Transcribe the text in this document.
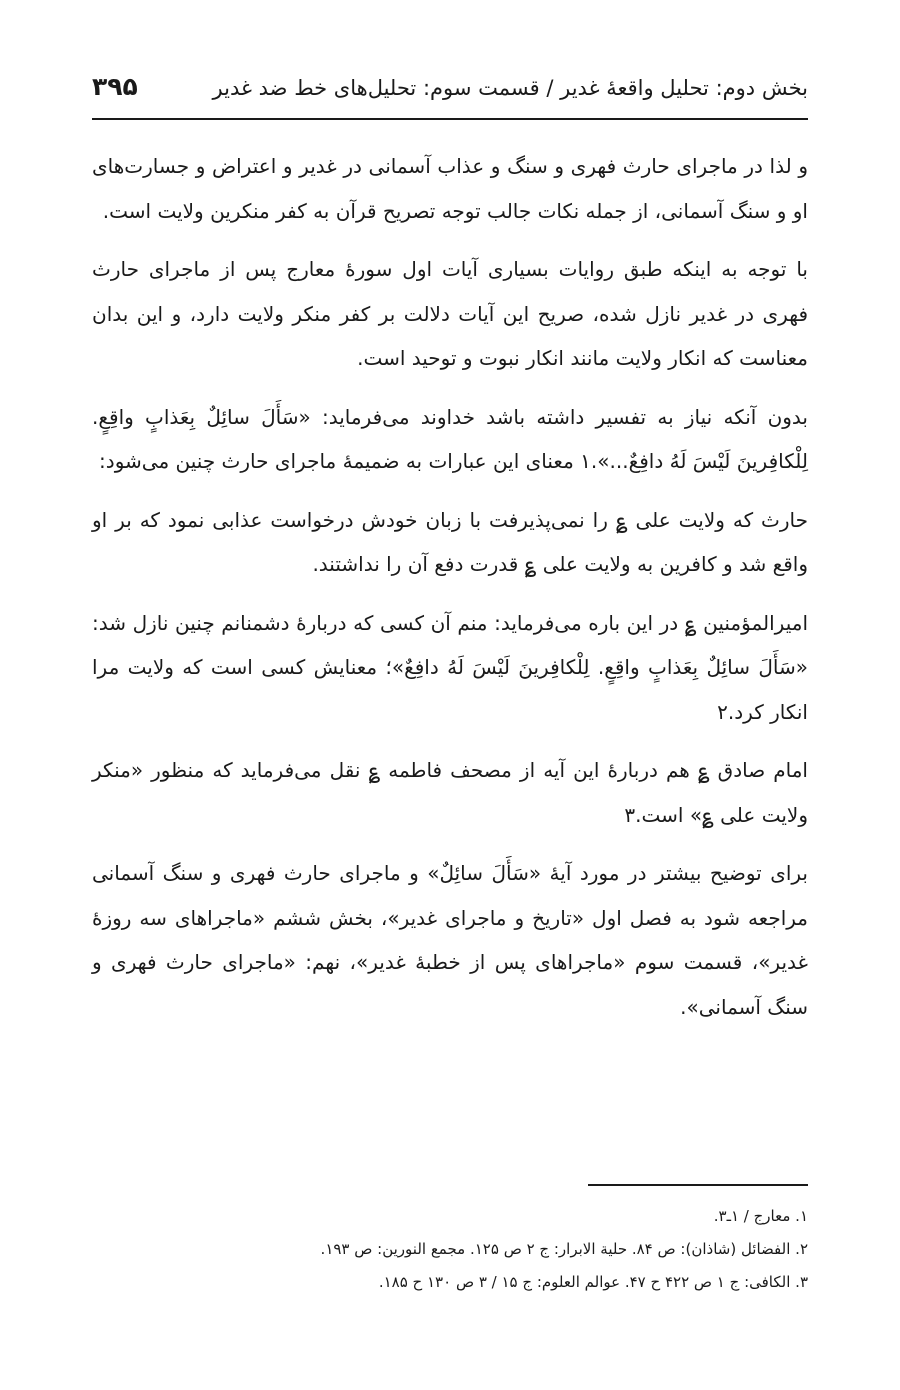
بخش دوم: تحلیل واقعۀ غدیر / قسمت سوم: تحلیل‌های خط ضد غدیر
۳۹۵

و لذا در ماجرای حارث فهری و سنگ و عذاب آسمانی در غدیر و اعتراض و جسارت‌های او و سنگ آسمانی، از جمله نکات جالب توجه تصریح قرآن به کفر منکرین ولایت است.

با توجه به اینکه طبق روایات بسیاری آیات اول سورۀ معارج پس از ماجرای حارث فهری در غدیر نازل شده، صریح این آیات دلالت بر کفر منکر ولایت دارد، و این بدان معناست که انکار ولایت مانند انکار نبوت و توحید است.

بدون آنکه نیاز به تفسیر داشته باشد خداوند می‌فرماید: «سَأَلَ سائِلٌ بِعَذابٍ واقِعٍ. لِلْکافِرینَ لَیْسَ لَهُ دافِعٌ...».۱ معنای این عبارات به ضمیمۀ ماجرای حارث چنین می‌شود:

حارث که ولایت علی ؏ را نمی‌پذیرفت با زبان خودش درخواست عذابی نمود که بر او واقع شد و کافرین به ولایت علی ؏ قدرت دفع آن را نداشتند.

امیرالمؤمنین ؏ در این باره می‌فرماید: منم آن کسی که دربارۀ دشمنانم چنین نازل شد: «سَأَلَ سائِلٌ بِعَذابٍ واقِعٍ. لِلْکافِرینَ لَیْسَ لَهُ دافِعٌ»؛ معنایش کسی است که ولایت مرا انکار کرد.۲

امام صادق ؏ هم دربارۀ این آیه از مصحف فاطمه ؏ نقل می‌فرماید که منظور «منکر ولایت علی ؏» است.۳

برای توضیح بیشتر در مورد آیۀ «سَأَلَ سائِلٌ» و ماجرای حارث فهری و سنگ آسمانی مراجعه شود به فصل اول «تاریخ و ماجرای غدیر»، بخش ششم «ماجراهای سه روزۀ غدیر»، قسمت سوم «ماجراهای پس از خطبۀ غدیر»، نهم: «ماجرای حارث فهری و سنگ آسمانی».

۱. معارج / ۱ـ۳.

۲. الفضائل (شاذان): ص ۸۴. حلیة الابرار: ج ۲ ص ۱۲۵. مجمع النورین: ص ۱۹۳.

۳. الکافی: ج ۱ ص ۴۲۲ ح ۴۷. عوالم العلوم: ج ۱۵ / ۳ ص ۱۳۰ ح ۱۸۵.
